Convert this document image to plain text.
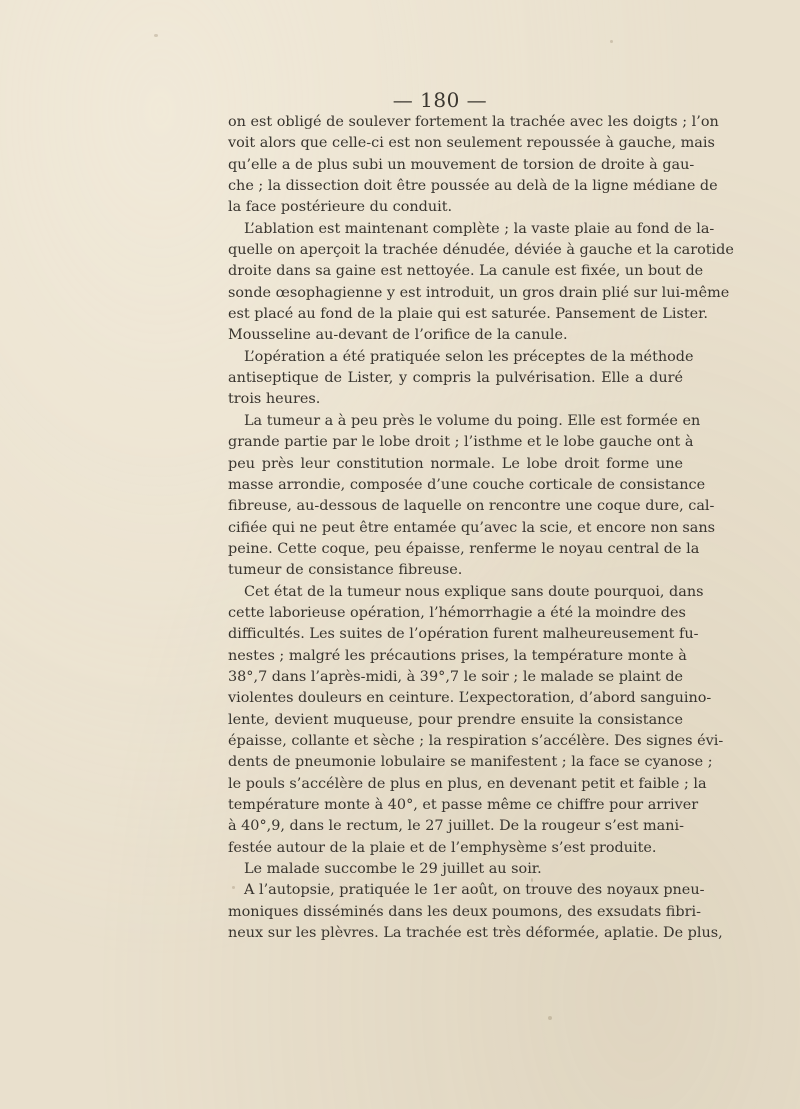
— 180 —
on est obligé de soulever fortement la trachée avec les doigts ; l’on
voit alors que celle-ci est non seulement repoussée à gauche, mais
qu’elle a de plus subi un mouvement de torsion de droite à gau-
che ; la dissection doit être poussée au delà de la ligne médiane de
la face postérieure du conduit.
L’ablation est maintenant complète ; la vaste plaie au fond de la-
quelle on aperçoit la trachée dénudée, déviée à gauche et la carotide
droite dans sa gaine est nettoyée. La canule est fixée, un bout de
sonde œsophagienne y est introduit, un gros drain plié sur lui-même
est placé au fond de la plaie qui est saturée. Pansement de Lister.
Mousseline au-devant de l’orifice de la canule.
L’opération a été pratiquée selon les préceptes de la méthode
antiseptique de Lister, y compris la pulvérisation. Elle a duré
trois heures.
La tumeur a à peu près le volume du poing. Elle est formée en
grande partie par le lobe droit ; l’isthme et le lobe gauche ont à
peu près leur constitution normale. Le lobe droit forme une
masse arrondie, composée d’une couche corticale de consistance
fibreuse, au-dessous de laquelle on rencontre une coque dure, cal-
cifiée qui ne peut être entamée qu’avec la scie, et encore non sans
peine. Cette coque, peu épaisse, renferme le noyau central de la
tumeur de consistance fibreuse.
Cet état de la tumeur nous explique sans doute pourquoi, dans
cette laborieuse opération, l’hémorrhagie a été la moindre des
difficultés. Les suites de l’opération furent malheureusement fu-
nestes ; malgré les précautions prises, la température monte à
38°,7 dans l’après-midi, à 39°,7 le soir ; le malade se plaint de
violentes douleurs en ceinture. L’expectoration, d’abord sanguino-
lente, devient muqueuse, pour prendre ensuite la consistance
épaisse, collante et sèche ; la respiration s’accélère. Des signes évi-
dents de pneumonie lobulaire se manifestent ; la face se cyanose ;
le pouls s’accélère de plus en plus, en devenant petit et faible ; la
température monte à 40°, et passe même ce chiffre pour arriver
à 40°,9, dans le rectum, le 27 juillet. De la rougeur s’est mani-
festée autour de la plaie et de l’emphysème s’est produite.
Le malade succombe le 29 juillet au soir.
A l’autopsie, pratiquée le 1er août, on trouve des noyaux pneu-
moniques disséminés dans les deux poumons, des exsudats fibri-
neux sur les plèvres. La trachée est très déformée, aplatie. De plus,
